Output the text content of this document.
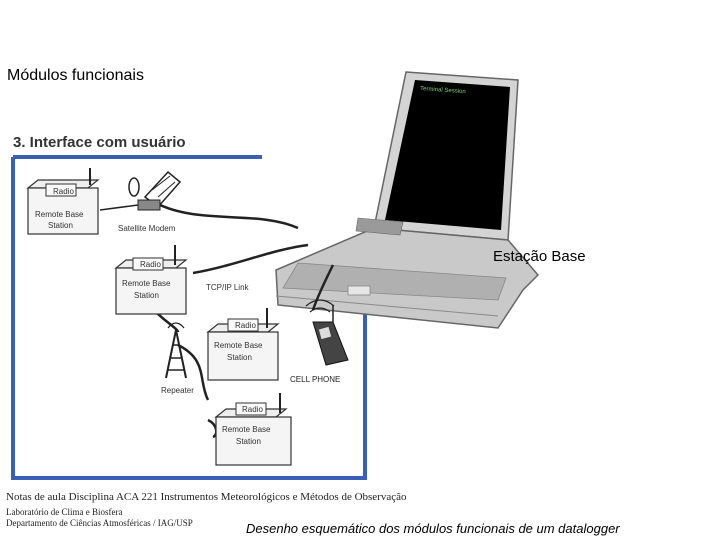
Módulos funcionais
Terminal Session
Radio
Remote Base
Station	Satellite Modem
Radio
Remote Base
Station
TCP/IP Link
Repeater
Radio
Remote Base
Station
CELL PHONE
Radio
Remote Base
Station
3. Interface com usuário
Estação Base
Notas de aula Disciplina ACA 221 Instrumentos Meteorológicos e Métodos de Observação
Laboratório de Clima e Biosfera
Departamento de Ciências Atmosféricas / IAG/USP	Desenho esquemático dos módulos funcionais de um datalogger
